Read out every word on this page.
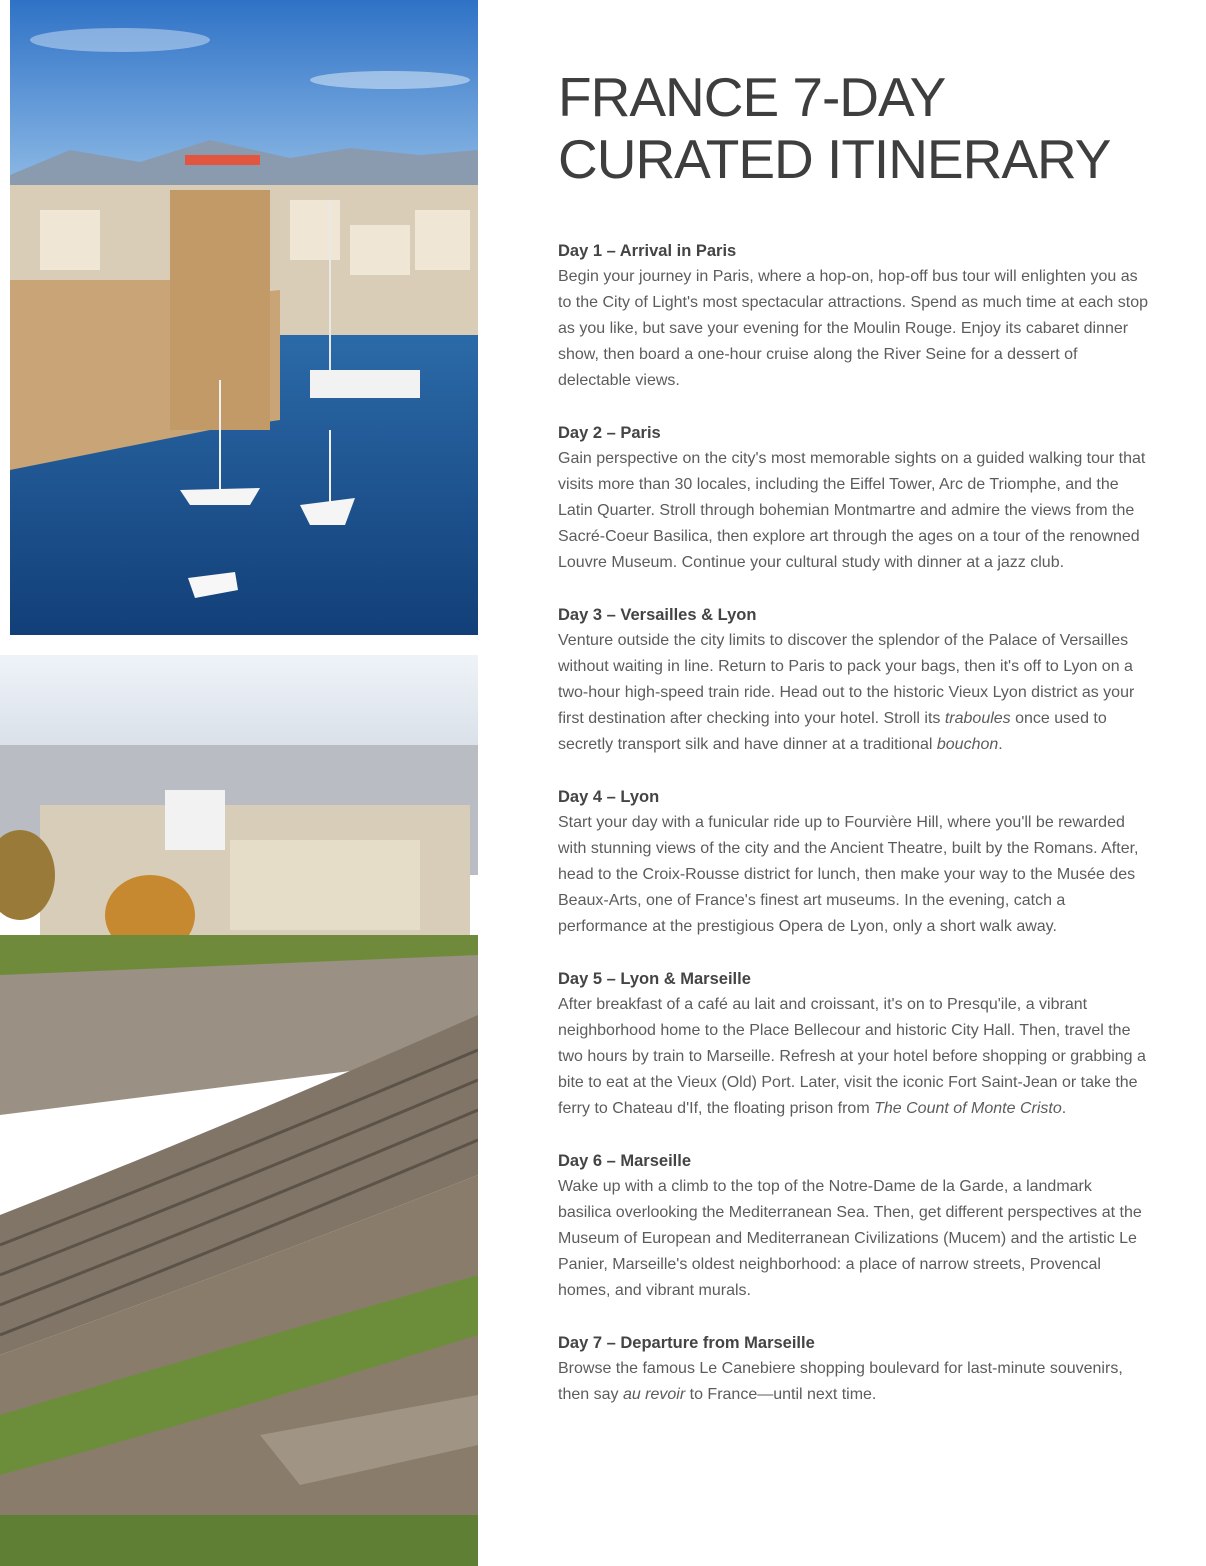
FRANCE 7-DAY
CURATED ITINERARY
Day 1 – Arrival in Paris

Begin your journey in Paris, where a hop-on, hop-off bus tour will enlighten you as to the City of Light's most spectacular attractions. Spend as much time at each stop as you like, but save your evening for the Moulin Rouge. Enjoy its cabaret dinner show, then board a one-hour cruise along the River Seine for a dessert of delectable views.

Day 2 – Paris

Gain perspective on the city's most memorable sights on a guided walking tour that visits more than 30 locales, including the Eiffel Tower, Arc de Triomphe, and the Latin Quarter. Stroll through bohemian Montmartre and admire the views from the Sacré-Coeur Basilica, then explore art through the ages on a tour of the renowned Louvre Museum. Continue your cultural study with dinner at a jazz club.

Day 3 – Versailles & Lyon

Venture outside the city limits to discover the splendor of the Palace of Versailles without waiting in line. Return to Paris to pack your bags, then it's off to Lyon on a two-hour high-speed train ride. Head out to the historic Vieux Lyon district as your first destination after checking into your hotel. Stroll its traboules once used to secretly transport silk and have dinner at a traditional bouchon.

Day 4 – Lyon

Start your day with a funicular ride up to Fourvière Hill, where you'll be rewarded with stunning views of the city and the Ancient Theatre, built by the Romans. After, head to the Croix-Rousse district for lunch, then make your way to the Musée des Beaux-Arts, one of France's finest art museums. In the evening, catch a performance at the prestigious Opera de Lyon, only a short walk away.

Day 5 – Lyon & Marseille

After breakfast of a café au lait and croissant, it's on to Presqu'ile, a vibrant neighborhood home to the Place Bellecour and historic City Hall. Then, travel the two hours by train to Marseille. Refresh at your hotel before shopping or grabbing a bite to eat at the Vieux (Old) Port. Later, visit the iconic Fort Saint-Jean or take the ferry to Chateau d'If, the floating prison from The Count of Monte Cristo.

Day 6 – Marseille

Wake up with a climb to the top of the Notre-Dame de la Garde, a landmark basilica overlooking the Mediterranean Sea. Then, get different perspectives at the Museum of European and Mediterranean Civilizations (Mucem) and the artistic Le Panier, Marseille's oldest neighborhood: a place of narrow streets, Provencal homes, and vibrant murals.

Day 7 – Departure from Marseille

Browse the famous Le Canebiere shopping boulevard for last-minute souvenirs, then say au revoir to France—until next time.
